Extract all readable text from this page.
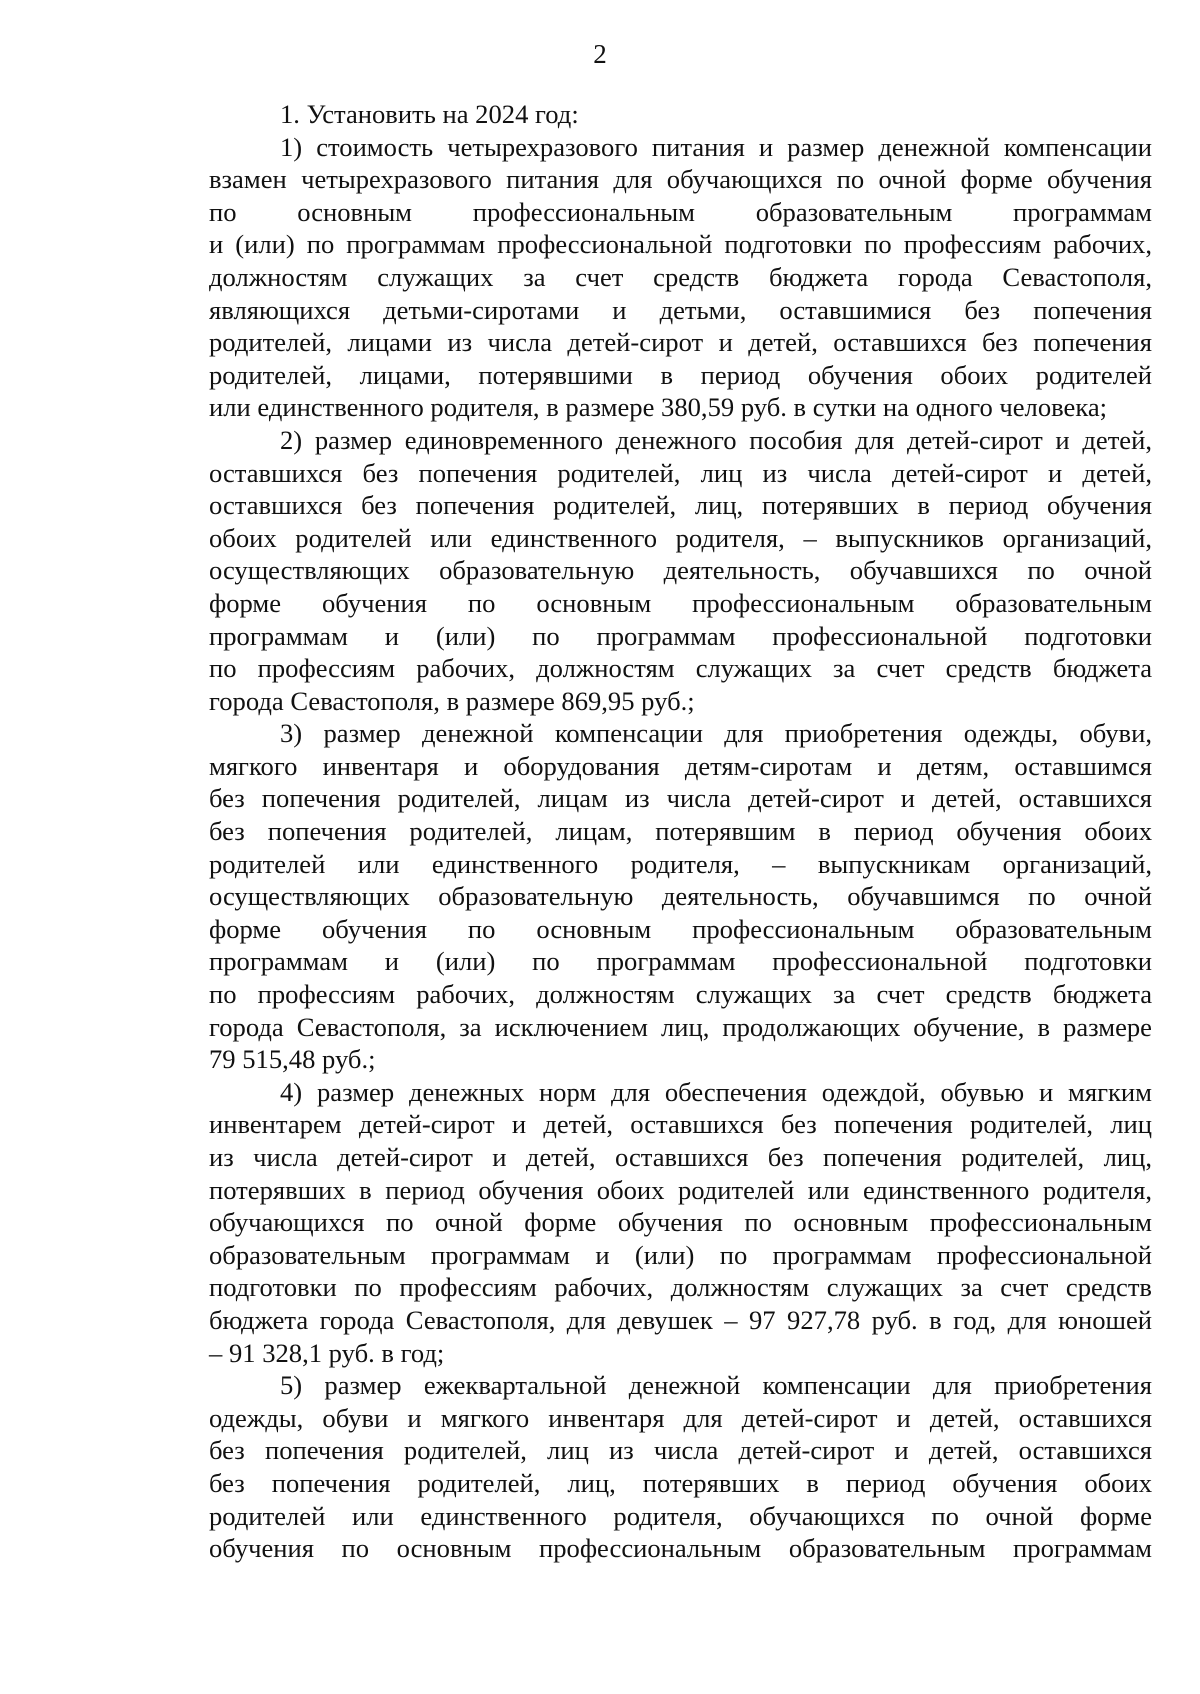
2
1. Установить на 2024 год:
1) стоимость четырехразового питания и размер денежной компенсации
взамен четырехразового питания для обучающихся по очной форме обучения
по основным профессиональным образовательным программам
и (или) по программам профессиональной подготовки по профессиям рабочих,
должностям служащих за счет средств бюджета города Севастополя,
являющихся детьми-сиротами и детьми, оставшимися без попечения
родителей, лицами из числа детей-сирот и детей, оставшихся без попечения
родителей, лицами, потерявшими в период обучения обоих родителей
или единственного родителя, в размере 380,59 руб. в сутки на одного человека;
2) размер единовременного денежного пособия для детей-сирот и детей,
оставшихся без попечения родителей, лиц из числа детей-сирот и детей,
оставшихся без попечения родителей, лиц, потерявших в период обучения
обоих родителей или единственного родителя, – выпускников организаций,
осуществляющих образовательную деятельность, обучавшихся по очной
форме обучения по основным профессиональным образовательным
программам и (или) по программам профессиональной подготовки
по профессиям рабочих, должностям служащих за счет средств бюджета
города Севастополя, в размере 869,95 руб.;
3) размер денежной компенсации для приобретения одежды, обуви,
мягкого инвентаря и оборудования детям-сиротам и детям, оставшимся
без попечения родителей, лицам из числа детей-сирот и детей, оставшихся
без попечения родителей, лицам, потерявшим в период обучения обоих
родителей или единственного родителя, – выпускникам организаций,
осуществляющих образовательную деятельность, обучавшимся по очной
форме обучения по основным профессиональным образовательным
программам и (или) по программам профессиональной подготовки
по профессиям рабочих, должностям служащих за счет средств бюджета
города Севастополя, за исключением лиц, продолжающих обучение, в размере
79 515,48 руб.;
4) размер денежных норм для обеспечения одеждой, обувью и мягким
инвентарем детей-сирот и детей, оставшихся без попечения родителей, лиц
из числа детей-сирот и детей, оставшихся без попечения родителей, лиц,
потерявших в период обучения обоих родителей или единственного родителя,
обучающихся по очной форме обучения по основным профессиональным
образовательным программам и (или) по программам профессиональной
подготовки по профессиям рабочих, должностям служащих за счет средств
бюджета города Севастополя, для девушек – 97 927,78 руб. в год, для юношей
– 91 328,1 руб. в год;
5) размер ежеквартальной денежной компенсации для приобретения
одежды, обуви и мягкого инвентаря для детей-сирот и детей, оставшихся
без попечения родителей, лиц из числа детей-сирот и детей, оставшихся
без попечения родителей, лиц, потерявших в период обучения обоих
родителей или единственного родителя, обучающихся по очной форме
обучения по основным профессиональным образовательным программам
